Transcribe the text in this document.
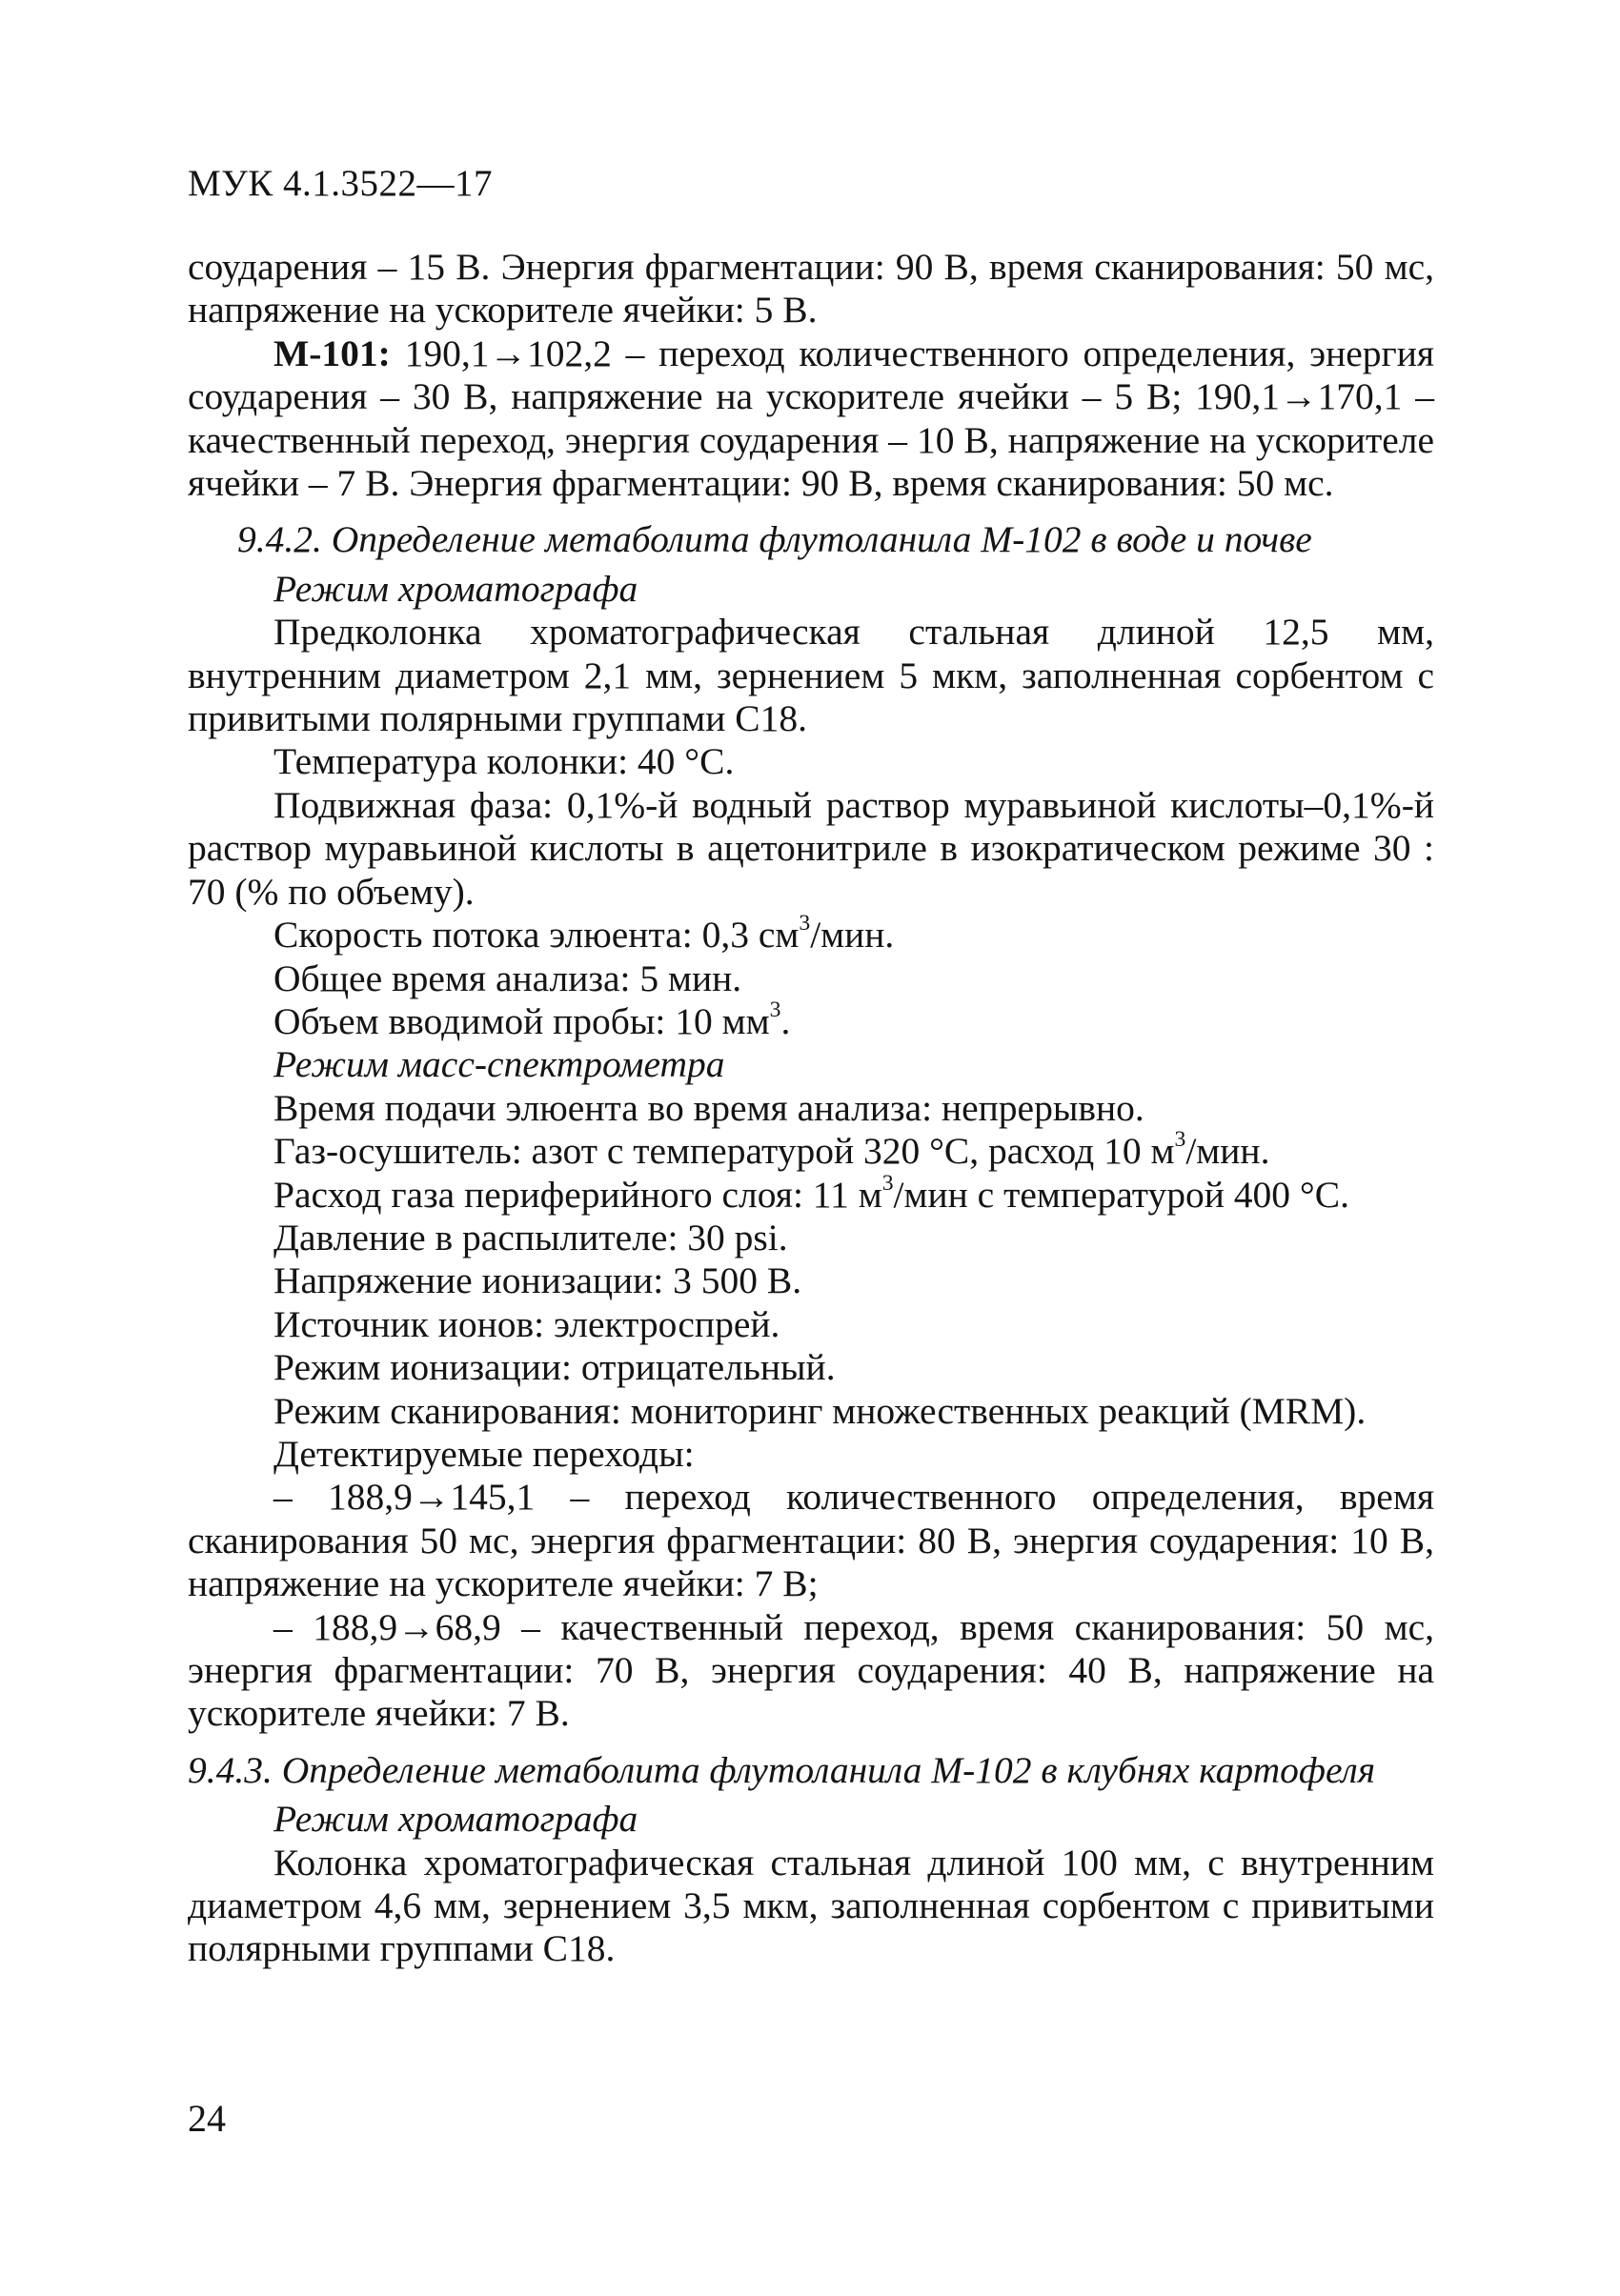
МУК 4.1.3522—17

соударения – 15 В. Энергия фрагментации: 90 В, время сканирования: 50 мс, напряжение на ускорителе ячейки: 5 В.

М-101: 190,1→102,2 – переход количественного определения, энергия соударения – 30 В, напряжение на ускорителе ячейки – 5 В; 190,1→170,1 – качественный переход, энергия соударения – 10 В, напряжение на ускорителе ячейки – 7 В. Энергия фрагментации: 90 В, время сканирования: 50 мс.

9.4.2. Определение метаболита флутоланила М-102 в воде и почве
Режим хроматографа

Предколонка хроматографическая стальная длиной 12,5 мм, внутренним диаметром 2,1 мм, зернением 5 мкм, заполненная сорбентом с привитыми полярными группами С18.

Температура колонки: 40 °C.

Подвижная фаза: 0,1%-й водный раствор муравьиной кислоты–0,1%-й раствор муравьиной кислоты в ацетонитриле в изократическом режиме 30 : 70 (% по объему).

Скорость потока элюента: 0,3 $см^3$/мин.
Общее время анализа: 5 мин.
Объем вводимой пробы: 10 $мм^3$.
Режим масс-спектрометра
Время подачи элюента во время анализа: непрерывно.
Газ-осушитель: азот с температурой 320 °С, расход 10 $м^3$/мин.
Расход газа периферийного слоя: 11 $м^3$/мин с температурой 400 °С.
Давление в распылителе: 30 psi.
Напряжение ионизации: 3 500 В.
Источник ионов: электроспрей.
Режим ионизации: отрицательный.
Режим сканирования: мониторинг множественных реакций (MRM).
Детектируемые переходы:

– 188,9→145,1 – переход количественного определения, время сканирования 50 мс, энергия фрагментации: 80 В, энергия соударения: 10 В, напряжение на ускорителе ячейки: 7 В;

– 188,9→68,9 – качественный переход, время сканирования: 50 мс, энергия фрагментации: 70 В, энергия соударения: 40 В, напряжение на ускорителе ячейки: 7 В.

9.4.3. Определение метаболита флутоланила М-102 в клубнях картофеля
Режим хроматографа

Колонка хроматографическая стальная длиной 100 мм, с внутренним диаметром 4,6 мм, зернением 3,5 мкм, заполненная сорбентом с привитыми полярными группами С18.

24
